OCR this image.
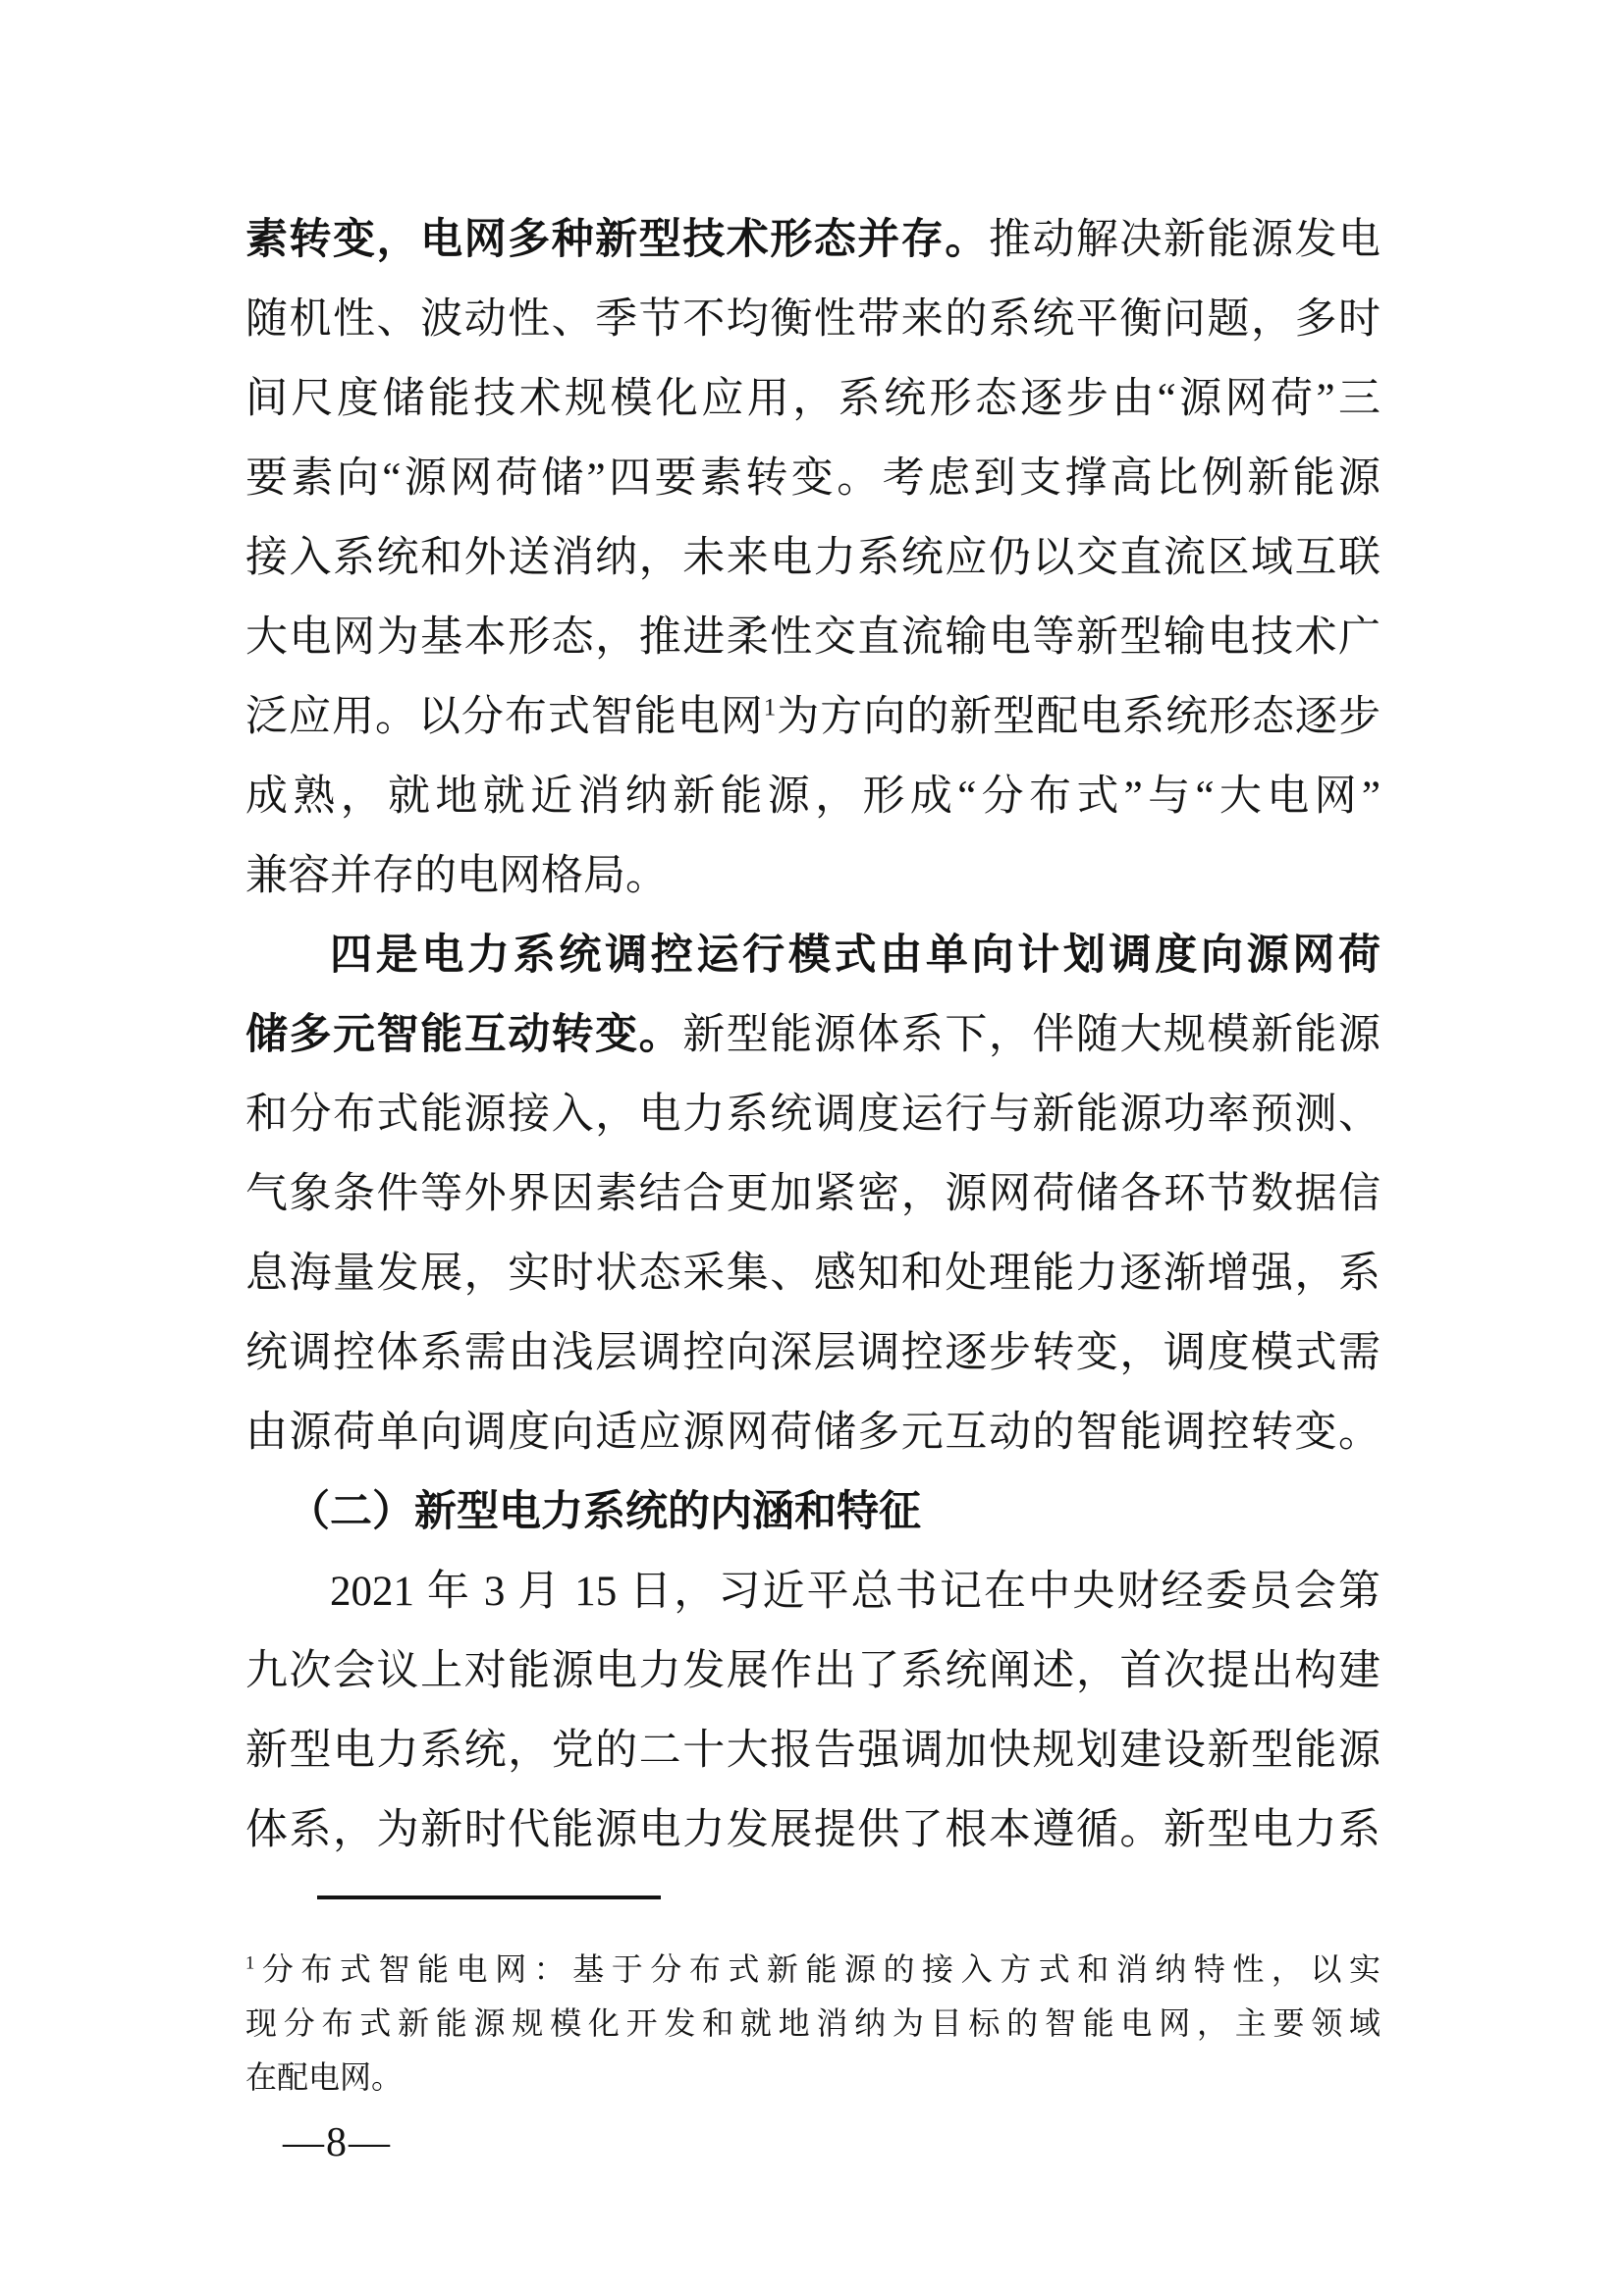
素转变，电网多种新型技术形态并存。推动解决新能源发电
随机性、波动性、季节不均衡性带来的系统平衡问题，多时
间尺度储能技术规模化应用，系统形态逐步由“源网荷”三
要素向“源网荷储”四要素转变。考虑到支撑高比例新能源
接入系统和外送消纳，未来电力系统应仍以交直流区域互联
大电网为基本形态，推进柔性交直流输电等新型输电技术广
泛应用。以分布式智能电网$^1$为方向的新型配电系统形态逐步
成熟，就地就近消纳新能源，形成“分布式”与“大电网”
兼容并存的电网格局。
四是电力系统调控运行模式由单向计划调度向源网荷
储多元智能互动转变。新型能源体系下，伴随大规模新能源
和分布式能源接入，电力系统调度运行与新能源功率预测、
气象条件等外界因素结合更加紧密，源网荷储各环节数据信
息海量发展，实时状态采集、感知和处理能力逐渐增强，系
统调控体系需由浅层调控向深层调控逐步转变，调度模式需
由源荷单向调度向适应源网荷储多元互动的智能调控转变。
（二）新型电力系统的内涵和特征
2021 年 3 月 15 日，习近平总书记在中央财经委员会第
九次会议上对能源电力发展作出了系统阐述，首次提出构建
新型电力系统，党的二十大报告强调加快规划建设新型能源
体系，为新时代能源电力发展提供了根本遵循。新型电力系
$^1$分布式智能电网：基于分布式新能源的接入方式和消纳特性，以实
现分布式新能源规模化开发和就地消纳为目标的智能电网，主要领域
在配电网。
—8—
